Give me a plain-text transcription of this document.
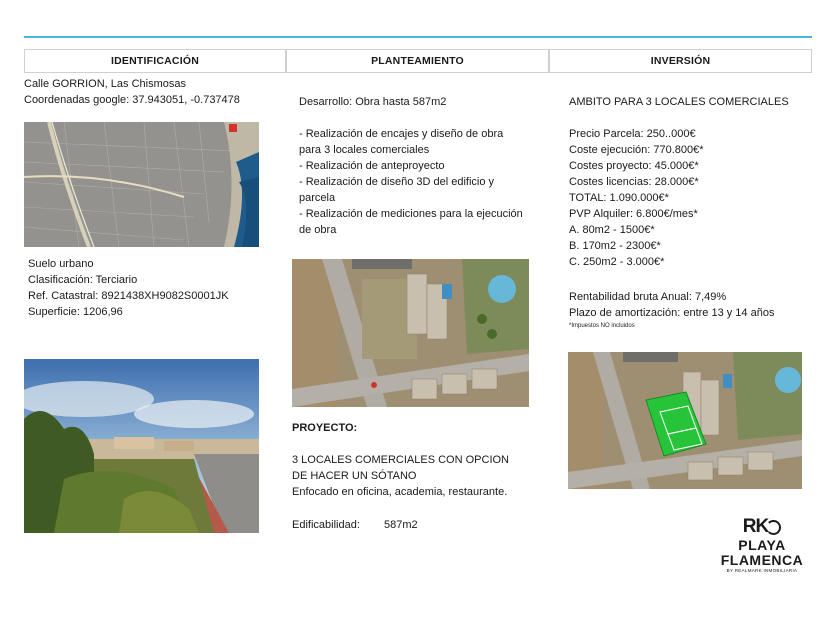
IDENTIFICACIÓN	PLANTEAMIENTO	INVERSIÓN
Calle GORRION, Las Chismosas
Coordenadas google: 37.943051, -0.737478
Suelo urbano
Clasificación: Terciario
Ref. Catastral: 8921438XH9082S0001JK
Superficie: 1206,96
Desarrollo: Obra hasta 587m2
- Realización de encajes y diseño de obra
para 3 locales comerciales
- Realización de anteproyecto
- Realización de diseño 3D del edificio y
parcela
- Realización de mediciones para la ejecución
de obra
PROYECTO:
3 LOCALES COMERCIALES CON OPCION
DE HACER UN SÓTANO
Enfocado en oficina, academia, restaurante.
Edificabilidad: 587m2
AMBITO PARA 3 LOCALES COMERCIALES
Precio Parcela: 250..000€
Coste ejecución: 770.800€*
Costes proyecto: 45.000€*
Costes licencias: 28.000€*
TOTAL: 1.090.000€*
PVP Alquiler: 6.800€/mes*
A. 80m2 - 1500€*
B. 170m2 - 2300€*
C. 250m2 - 3.000€*
Rentabilidad bruta Anual: 7,49%
Plazo de amortización: entre 13 y 14 años
*Impuestos NO incluidos
RK
PLAYA
FLAMENCA
BY REALMARK INMOBILIARIA
